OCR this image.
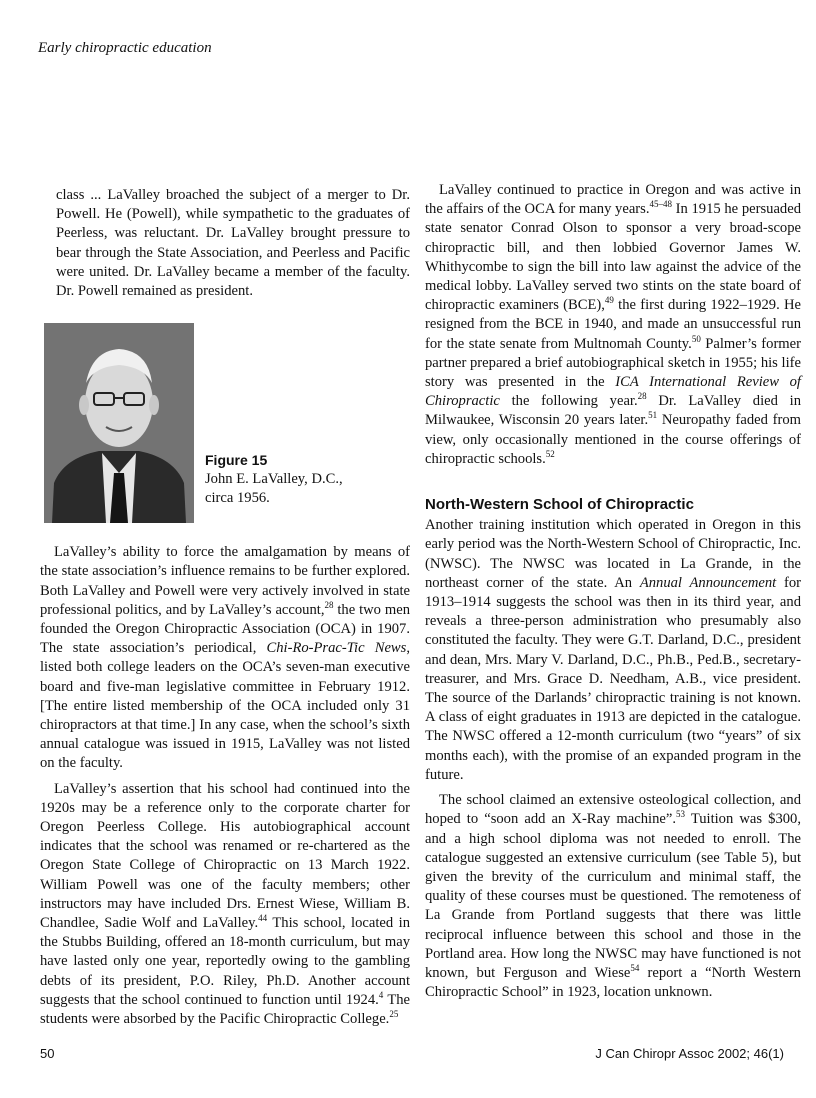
Early chiropractic education

class ... LaValley broached the subject of a merger to Dr. Powell. He (Powell), while sympathetic to the graduates of Peerless, was reluctant. Dr. LaValley brought pressure to bear through the State Association, and Peerless and Pacific were united. Dr. LaValley became a member of the faculty. Dr. Powell remained as president.

Figure 15
John E. LaValley, D.C.,
circa 1956.

LaValley’s ability to force the amalgamation by means of the state association’s influence remains to be further explored. Both LaValley and Powell were very actively involved in state professional politics, and by LaValley’s account,$^{28}$ the two men founded the Oregon Chiropractic Association (OCA) in 1907. The state association’s periodical, Chi-Ro-Prac-Tic News, listed both college leaders on the OCA’s seven-man executive board and five-man legislative committee in February 1912. [The entire listed membership of the OCA included only 31 chiropractors at that time.] In any case, when the school’s sixth annual catalogue was issued in 1915, LaValley was not listed on the faculty.

LaValley’s assertion that his school had continued into the 1920s may be a reference only to the corporate charter for Oregon Peerless College. His autobiographical account indicates that the school was renamed or re-chartered as the Oregon State College of Chiropractic on 13 March 1922. William Powell was one of the faculty members; other instructors may have included Drs. Ernest Wiese, William B. Chandlee, Sadie Wolf and LaValley.$^{44}$ This school, located in the Stubbs Building, offered an 18-month curriculum, but may have lasted only one year, reportedly owing to the gambling debts of its president, P.O. Riley, Ph.D. Another account suggests that the school continued to function until 1924.$^4$ The students were absorbed by the Pacific Chiropractic College.$^{25}$

LaValley continued to practice in Oregon and was active in the affairs of the OCA for many years.$^{45-48}$ In 1915 he persuaded state senator Conrad Olson to sponsor a very broad-scope chiropractic bill, and then lobbied Governor James W. Whithycombe to sign the bill into law against the advice of the medical lobby. LaValley served two stints on the state board of chiropractic examiners (BCE),$^{49}$ the first during 1922–1929. He resigned from the BCE in 1940, and made an unsuccessful run for the state senate from Multnomah County.$^{50}$ Palmer’s former partner prepared a brief autobiographical sketch in 1955; his life story was presented in the ICA International Review of Chiropractic the following year.$^{28}$ Dr. LaValley died in Milwaukee, Wisconsin 20 years later.$^{51}$ Neuropathy faded from view, only occasionally mentioned in the course offerings of chiropractic schools.$^{52}$

North-Western School of Chiropractic

Another training institution which operated in Oregon in this early period was the North-Western School of Chiropractic, Inc. (NWSC). The NWSC was located in La Grande, in the northeast corner of the state. An Annual Announcement for 1913–1914 suggests the school was then in its third year, and reveals a three-person administration who presumably also constituted the faculty. They were G.T. Darland, D.C., president and dean, Mrs. Mary V. Darland, D.C., Ph.B., Ped.B., secretary-treasurer, and Mrs. Grace D. Needham, A.B., vice president. The source of the Darlands’ chiropractic training is not known. A class of eight graduates in 1913 are depicted in the catalogue. The NWSC offered a 12-month curriculum (two “years” of six months each), with the promise of an expanded program in the future.

The school claimed an extensive osteological collection, and hoped to “soon add an X-Ray machine”.$^{53}$ Tuition was $300, and a high school diploma was not needed to enroll. The catalogue suggested an extensive curriculum (see Table 5), but given the brevity of the curriculum and minimal staff, the quality of these courses must be questioned. The remoteness of La Grande from Portland suggests that there was little reciprocal influence between this school and those in the Portland area. How long the NWSC may have functioned is not known, but Ferguson and Wiese$^{54}$ report a “North Western Chiropractic School” in 1923, location unknown.

50	J Can Chiropr Assoc 2002; 46(1)
